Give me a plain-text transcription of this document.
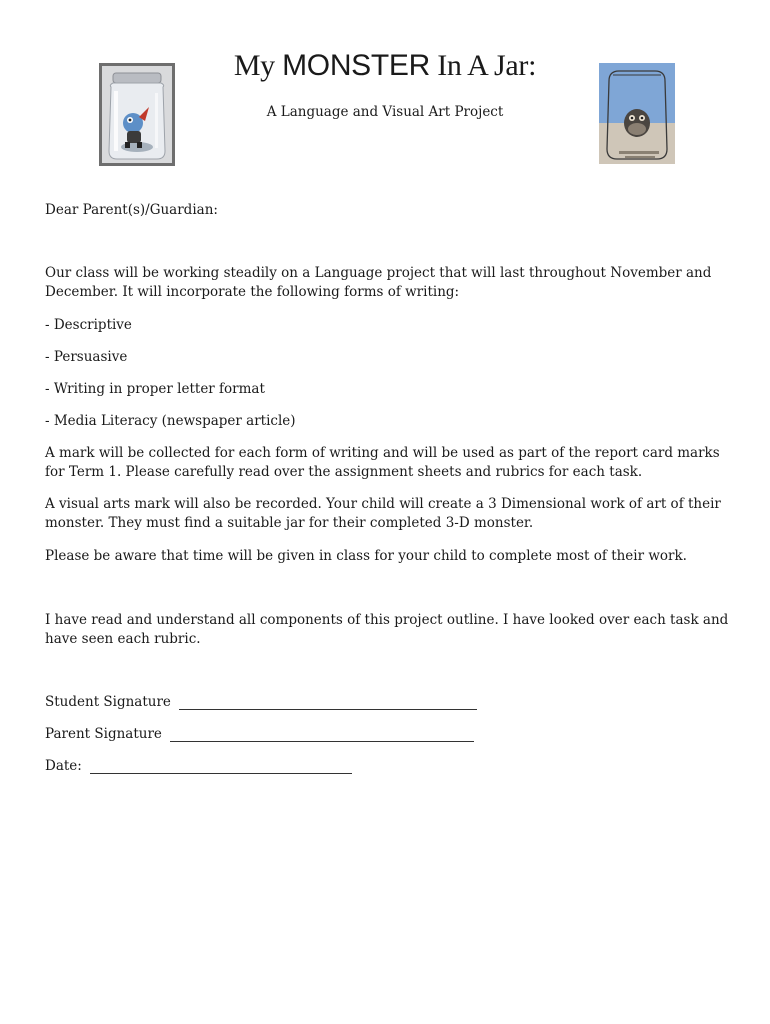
My MONSTER In A Jar:
A Language and Visual Art Project

Dear Parent(s)/Guardian:

Our class will be working steadily on a Language project that will last throughout November and

December. It will incorporate the following forms of writing:

- Descriptive

- Persuasive

- Writing in proper letter format

- Media Literacy (newspaper article)

A mark will be collected for each form of writing and will be used as part of the report card marks

for Term 1. Please carefully read over the assignment sheets and rubrics for each task.

A visual arts mark will also be recorded. Your child will create a 3 Dimensional work of art of their

monster. They must find a suitable jar for their completed 3-D monster.

Please be aware that time will be given in class for your child to complete most of their work.

I have read and understand all components of this project outline. I have looked over each task and

have seen each rubric.

Student Signature
Parent Signature
Date:
